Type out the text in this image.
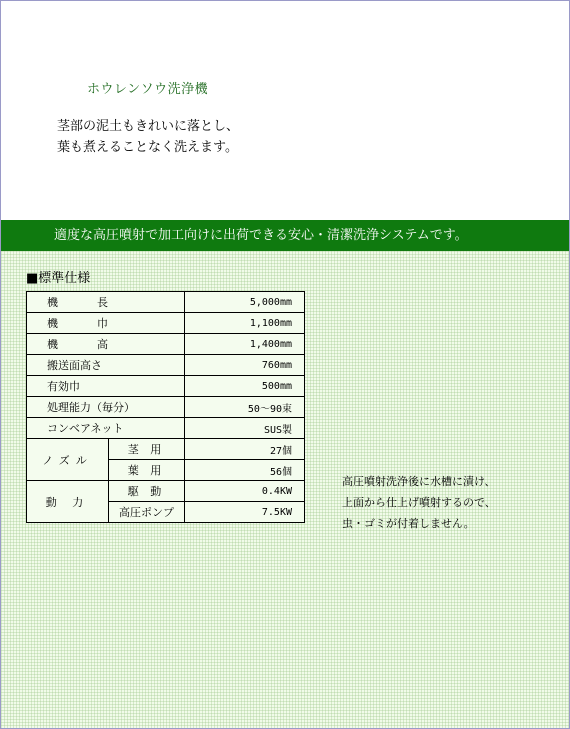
ホウレンソウ洗浄機
茎部の泥土もきれいに落とし、
葉も煮えることなく洗えます。
適度な高圧噴射で加工向けに出荷できる安心・清潔洗浄システムです。
■標準仕様
機　長		5,000mm
機　巾		1,100mm
機　高		1,400mm
搬送面高さ		760mm
有効巾		500mm
処理能力（毎分）		50〜90束
コンベアネット		SUS製
ノズル	茎 用	27個
	葉 用	56個
動 力	駆 動	0.4KW
	高圧ポンプ	7.5KW
高圧噴射洗浄後に水槽に漬け、
上面から仕上げ噴射するので、
虫・ゴミが付着しません。
